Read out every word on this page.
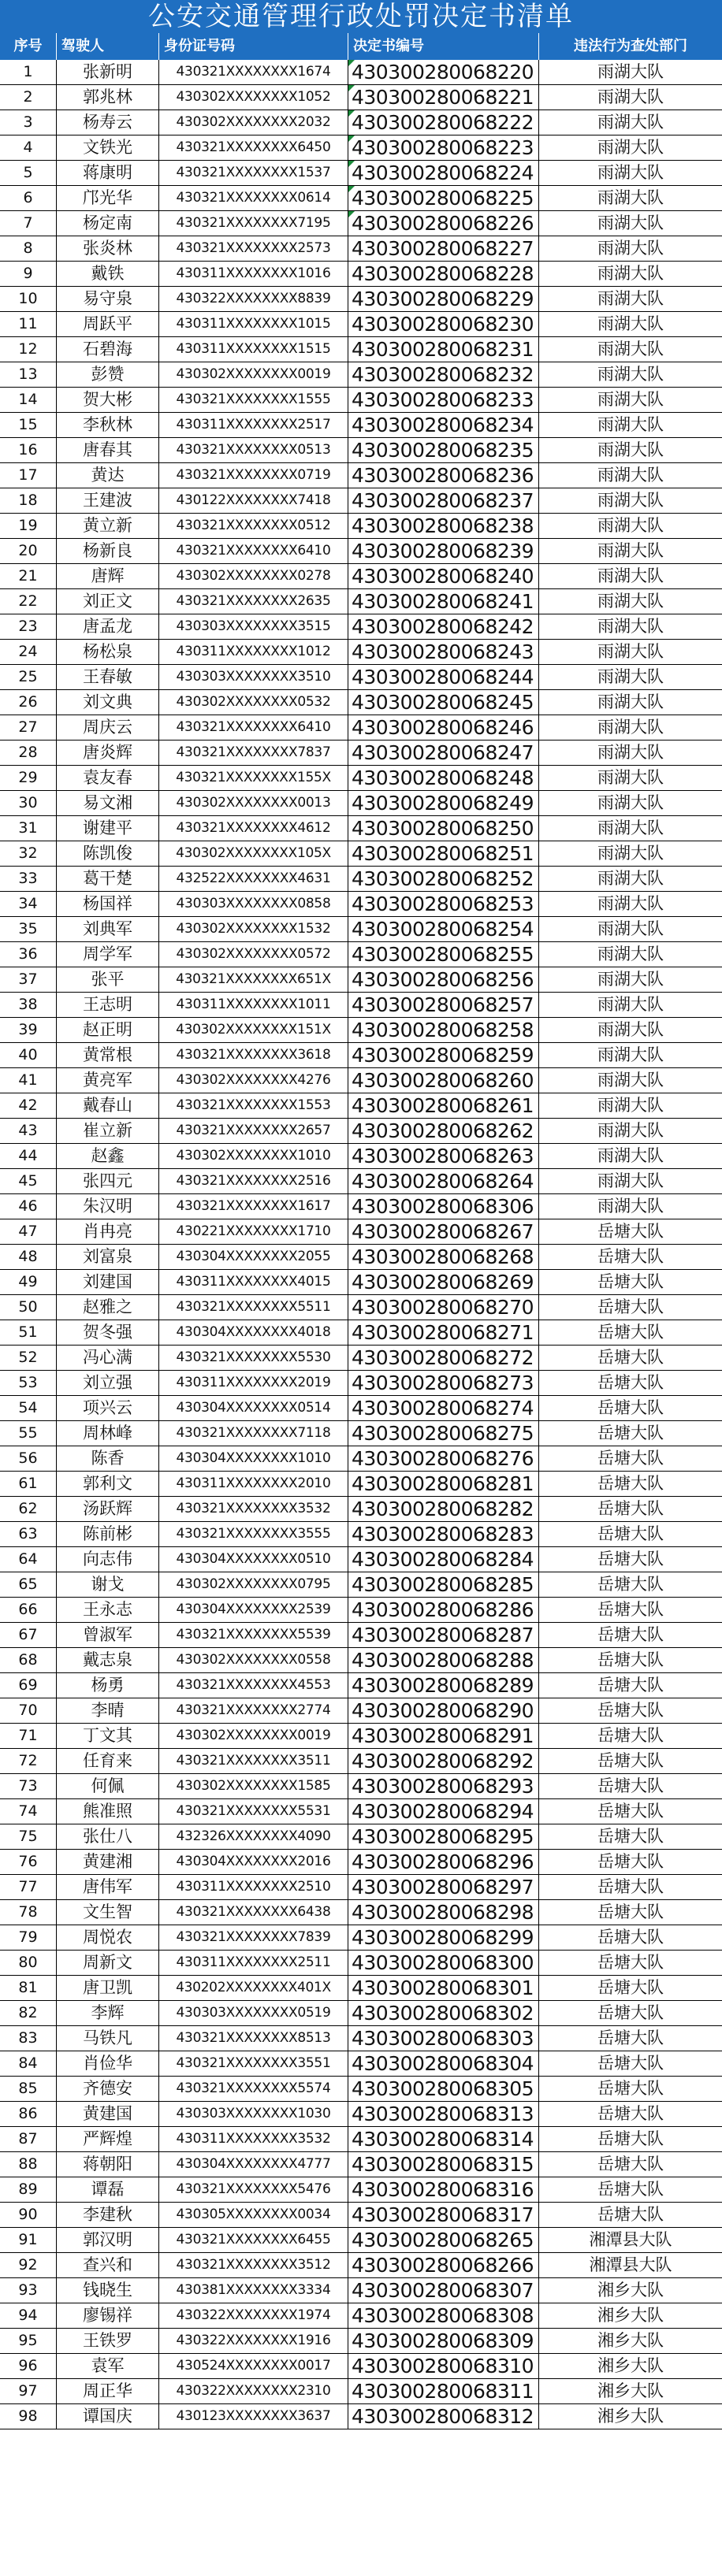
公安交通管理行政处罚决定书清单
序号	驾驶人	身份证号码	决定书编号	违法行为查处部门
1	张新明	430321XXXXXXXX1674	430300280068220	雨湖大队
2	郭兆林	430302XXXXXXXX1052	430300280068221	雨湖大队
3	杨寿云	430302XXXXXXXX2032	430300280068222	雨湖大队
4	文铁光	430321XXXXXXXX6450	430300280068223	雨湖大队
5	蒋康明	430321XXXXXXXX1537	430300280068224	雨湖大队
6	邝光华	430321XXXXXXXX0614	430300280068225	雨湖大队
7	杨定南	430321XXXXXXXX7195	430300280068226	雨湖大队
8	张炎林	430321XXXXXXXX2573	430300280068227	雨湖大队
9	戴铁	430311XXXXXXXX1016	430300280068228	雨湖大队
10	易守泉	430322XXXXXXXX8839	430300280068229	雨湖大队
11	周跃平	430311XXXXXXXX1015	430300280068230	雨湖大队
12	石碧海	430311XXXXXXXX1515	430300280068231	雨湖大队
13	彭赞	430302XXXXXXXX0019	430300280068232	雨湖大队
14	贺大彬	430321XXXXXXXX1555	430300280068233	雨湖大队
15	李秋林	430311XXXXXXXX2517	430300280068234	雨湖大队
16	唐春其	430321XXXXXXXX0513	430300280068235	雨湖大队
17	黄达	430321XXXXXXXX0719	430300280068236	雨湖大队
18	王建波	430122XXXXXXXX7418	430300280068237	雨湖大队
19	黄立新	430321XXXXXXXX0512	430300280068238	雨湖大队
20	杨新良	430321XXXXXXXX6410	430300280068239	雨湖大队
21	唐辉	430302XXXXXXXX0278	430300280068240	雨湖大队
22	刘正文	430321XXXXXXXX2635	430300280068241	雨湖大队
23	唐孟龙	430303XXXXXXXX3515	430300280068242	雨湖大队
24	杨松泉	430311XXXXXXXX1012	430300280068243	雨湖大队
25	王春敏	430303XXXXXXXX3510	430300280068244	雨湖大队
26	刘文典	430302XXXXXXXX0532	430300280068245	雨湖大队
27	周庆云	430321XXXXXXXX6410	430300280068246	雨湖大队
28	唐炎辉	430321XXXXXXXX7837	430300280068247	雨湖大队
29	袁友春	430321XXXXXXXX155X	430300280068248	雨湖大队
30	易文湘	430302XXXXXXXX0013	430300280068249	雨湖大队
31	谢建平	430321XXXXXXXX4612	430300280068250	雨湖大队
32	陈凯俊	430302XXXXXXXX105X	430300280068251	雨湖大队
33	葛干楚	432522XXXXXXXX4631	430300280068252	雨湖大队
34	杨国祥	430303XXXXXXXX0858	430300280068253	雨湖大队
35	刘典军	430302XXXXXXXX1532	430300280068254	雨湖大队
36	周学军	430302XXXXXXXX0572	430300280068255	雨湖大队
37	张平	430321XXXXXXXX651X	430300280068256	雨湖大队
38	王志明	430311XXXXXXXX1011	430300280068257	雨湖大队
39	赵正明	430302XXXXXXXX151X	430300280068258	雨湖大队
40	黄常根	430321XXXXXXXX3618	430300280068259	雨湖大队
41	黄亮军	430302XXXXXXXX4276	430300280068260	雨湖大队
42	戴春山	430321XXXXXXXX1553	430300280068261	雨湖大队
43	崔立新	430321XXXXXXXX2657	430300280068262	雨湖大队
44	赵鑫	430302XXXXXXXX1010	430300280068263	雨湖大队
45	张四元	430321XXXXXXXX2516	430300280068264	雨湖大队
46	朱汉明	430321XXXXXXXX1617	430300280068306	雨湖大队
47	肖冉亮	430221XXXXXXXX1710	430300280068267	岳塘大队
48	刘富泉	430304XXXXXXXX2055	430300280068268	岳塘大队
49	刘建国	430311XXXXXXXX4015	430300280068269	岳塘大队
50	赵雅之	430321XXXXXXXX5511	430300280068270	岳塘大队
51	贺冬强	430304XXXXXXXX4018	430300280068271	岳塘大队
52	冯心满	430321XXXXXXXX5530	430300280068272	岳塘大队
53	刘立强	430311XXXXXXXX2019	430300280068273	岳塘大队
54	项兴云	430304XXXXXXXX0514	430300280068274	岳塘大队
55	周林峰	430321XXXXXXXX7118	430300280068275	岳塘大队
56	陈香	430304XXXXXXXX1010	430300280068276	岳塘大队
61	郭利文	430311XXXXXXXX2010	430300280068281	岳塘大队
62	汤跃辉	430321XXXXXXXX3532	430300280068282	岳塘大队
63	陈前彬	430321XXXXXXXX3555	430300280068283	岳塘大队
64	向志伟	430304XXXXXXXX0510	430300280068284	岳塘大队
65	谢戈	430302XXXXXXXX0795	430300280068285	岳塘大队
66	王永志	430304XXXXXXXX2539	430300280068286	岳塘大队
67	曾淑军	430321XXXXXXXX5539	430300280068287	岳塘大队
68	戴志泉	430302XXXXXXXX0558	430300280068288	岳塘大队
69	杨勇	430321XXXXXXXX4553	430300280068289	岳塘大队
70	李晴	430321XXXXXXXX2774	430300280068290	岳塘大队
71	丁文其	430302XXXXXXXX0019	430300280068291	岳塘大队
72	任育来	430321XXXXXXXX3511	430300280068292	岳塘大队
73	何佩	430302XXXXXXXX1585	430300280068293	岳塘大队
74	熊准照	430321XXXXXXXX5531	430300280068294	岳塘大队
75	张仕八	432326XXXXXXXX4090	430300280068295	岳塘大队
76	黄建湘	430304XXXXXXXX2016	430300280068296	岳塘大队
77	唐伟军	430311XXXXXXXX2510	430300280068297	岳塘大队
78	文生智	430321XXXXXXXX6438	430300280068298	岳塘大队
79	周悦农	430321XXXXXXXX7839	430300280068299	岳塘大队
80	周新文	430311XXXXXXXX2511	430300280068300	岳塘大队
81	唐卫凯	430202XXXXXXXX401X	430300280068301	岳塘大队
82	李辉	430303XXXXXXXX0519	430300280068302	岳塘大队
83	马铁凡	430321XXXXXXXX8513	430300280068303	岳塘大队
84	肖俭华	430321XXXXXXXX3551	430300280068304	岳塘大队
85	齐德安	430321XXXXXXXX5574	430300280068305	岳塘大队
86	黄建国	430303XXXXXXXX1030	430300280068313	岳塘大队
87	严辉煌	430311XXXXXXXX3532	430300280068314	岳塘大队
88	蒋朝阳	430304XXXXXXXX4777	430300280068315	岳塘大队
89	谭磊	430321XXXXXXXX5476	430300280068316	岳塘大队
90	李建秋	430305XXXXXXXX0034	430300280068317	岳塘大队
91	郭汉明	430321XXXXXXXX6455	430300280068265	湘潭县大队
92	查兴和	430321XXXXXXXX3512	430300280068266	湘潭县大队
93	钱晓生	430381XXXXXXXX3334	430300280068307	湘乡大队
94	廖锡祥	430322XXXXXXXX1974	430300280068308	湘乡大队
95	王铁罗	430322XXXXXXXX1916	430300280068309	湘乡大队
96	袁军	430524XXXXXXXX0017	430300280068310	湘乡大队
97	周正华	430322XXXXXXXX2310	430300280068311	湘乡大队
98	谭国庆	430123XXXXXXXX3637	430300280068312	湘乡大队
